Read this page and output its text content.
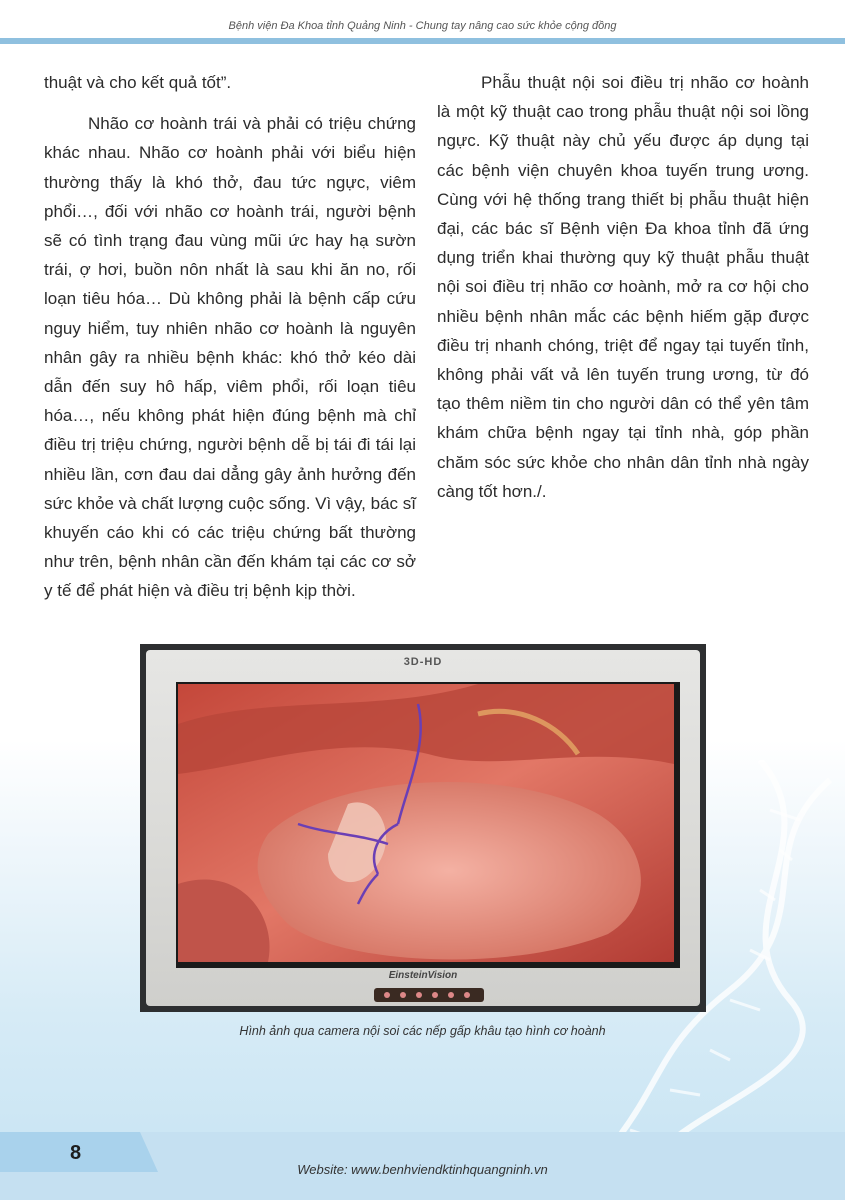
Bệnh viện Đa Khoa tỉnh Quảng Ninh - Chung tay nâng cao sức khỏe cộng đồng

thuật và cho kết quả tốt”.

Nhão cơ hoành trái và phải có triệu chứng khác nhau. Nhão cơ hoành phải với biểu hiện thường thấy là khó thở, đau tức ngực, viêm phổi…, đối với nhão cơ hoành trái, người bệnh sẽ có tình trạng đau vùng mũi ức hay hạ sườn trái, ợ hơi, buồn nôn nhất là sau khi ăn no, rối loạn tiêu hóa… Dù không phải là bệnh cấp cứu nguy hiểm, tuy nhiên nhão cơ hoành là nguyên nhân gây ra nhiều bệnh khác: khó thở kéo dài dẫn đến suy hô hấp, viêm phổi, rối loạn tiêu hóa…, nếu không phát hiện đúng bệnh mà chỉ điều trị triệu chứng, người bệnh dễ bị tái đi tái lại nhiều lần, cơn đau dai dẳng gây ảnh hưởng đến sức khỏe và chất lượng cuộc sống. Vì vậy, bác sĩ khuyến cáo khi có các triệu chứng bất thường như trên, bệnh nhân cần đến khám tại các cơ sở y tế để phát hiện và điều trị bệnh kịp thời.

Phẫu thuật nội soi điều trị nhão cơ hoành là một kỹ thuật cao trong phẫu thuật nội soi lồng ngực. Kỹ thuật này chủ yếu được áp dụng tại các bệnh viện chuyên khoa tuyến trung ương. Cùng với hệ thống trang thiết bị phẫu thuật hiện đại, các bác sĩ Bệnh viện Đa khoa tỉnh đã ứng dụng triển khai thường quy kỹ thuật phẫu thuật nội soi điều trị nhão cơ hoành, mở ra cơ hội cho nhiều bệnh nhân mắc các bệnh hiếm gặp được điều trị nhanh chóng, triệt để ngay tại tuyến tỉnh, không phải vất vả lên tuyến trung ương, từ đó tạo thêm niềm tin cho người dân có thể yên tâm khám chữa bệnh ngay tại tỉnh nhà, góp phần chăm sóc sức khỏe cho nhân dân tỉnh nhà ngày càng tốt hơn./.

3D-HD
EinsteinVision
Hình ảnh qua camera nội soi các nếp gấp khâu tạo hình cơ hoành
8
Website: www.benhviendktinhquangninh.vn
